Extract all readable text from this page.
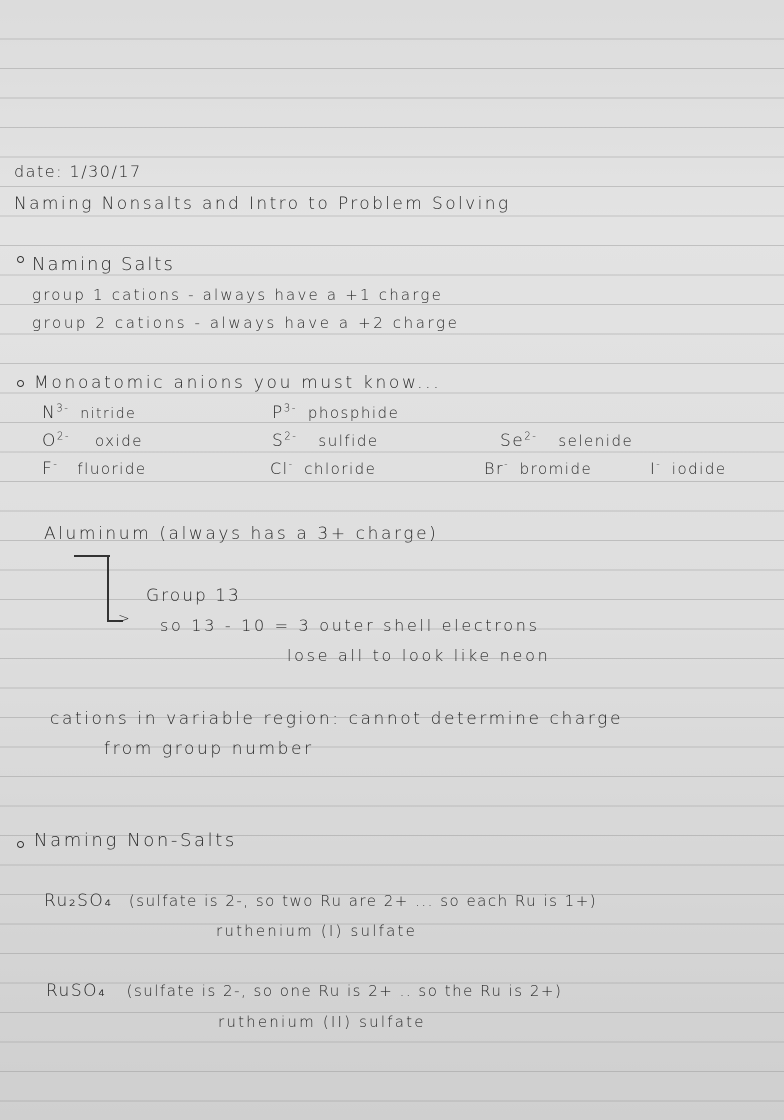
date: 1/30/17
Naming Nonsalts and Intro to Problem Solving
Naming Salts
group 1 cations - always have a +1 charge
group 2 cations - always have a +2 charge
Monoatomic anions you must know...
$N^{3-}$ nitride	$P^{3-}$ phosphide
$O^{2-}$ oxide	$S^{2-}$ sulfide	$Se^{2-}$ selenide
F- fluoride	Cl- chloride	Br- bromide	I- iodide
Aluminum (always has a 3+ charge)
>
Group 13
so 13 - 10 = 3 outer shell electrons
lose all to look like neon
cations in variable region: cannot determine charge
from group number
Naming Non-Salts
Ru₂SO₄ (sulfate is 2-, so two Ru are 2+ ... so each Ru is 1+)
ruthenium (I) sulfate
RuSO₄ (sulfate is 2-, so one Ru is 2+ .. so the Ru is 2+)
ruthenium (II) sulfate
